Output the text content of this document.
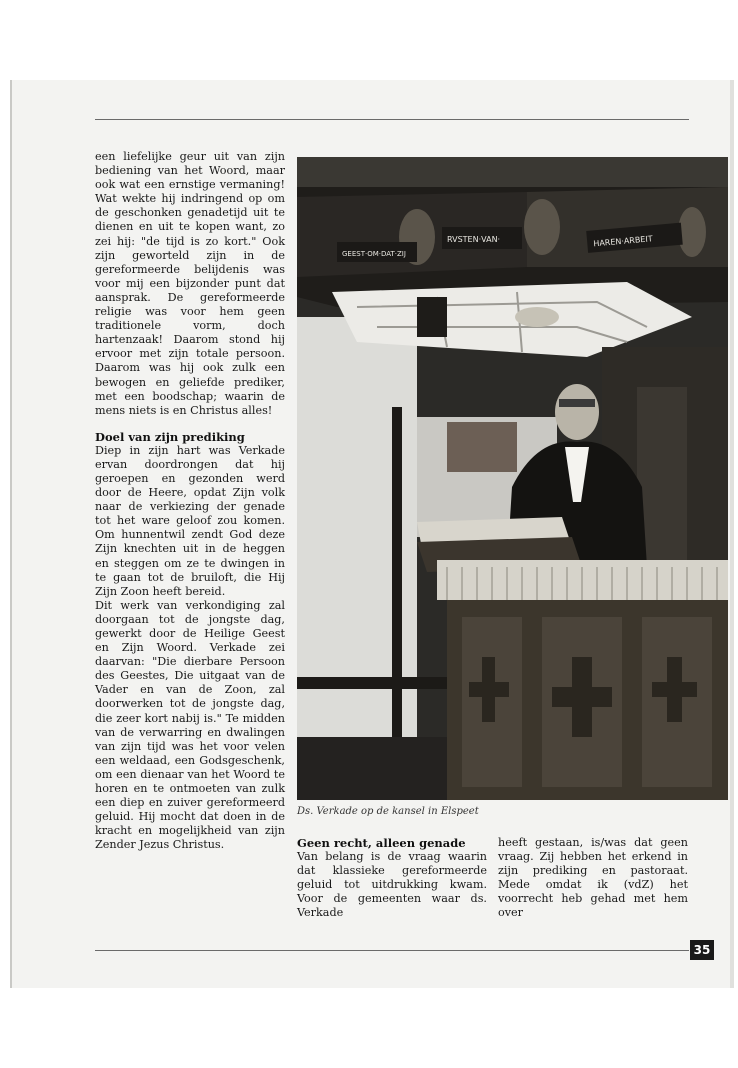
een liefelijke geur uit van zijn bediening van het Woord, maar ook wat een ernstige vermaning! Wat wekte hij indringend op om de geschonken genadetijd uit te dienen en uit te kopen want, zo zei hij: "de tijd is zo kort." Ook zijn geworteld zijn in de gereformeerde belijdenis was voor mij een bijzonder punt dat aansprak. De gereformeerde religie was voor hem geen traditionele vorm, doch hartenzaak! Daarom stond hij ervoor met zijn totale persoon. Daarom was hij ook zulk een bewogen en geliefde prediker, met een boodschap; waarin de mens niets is en Christus alles!

Doel van zijn prediking

Diep in zijn hart was Verkade ervan doordrongen dat hij geroepen en gezonden werd door de Heere, opdat Zijn volk naar de verkiezing der genade tot het ware geloof zou komen. Om hunnentwil zendt God deze Zijn knechten uit in de heggen en steggen om ze te dwingen in te gaan tot de bruiloft, die Hij Zijn Zoon heeft bereid.

Dit werk van verkondiging zal doorgaan tot de jongste dag, gewerkt door de Heilige Geest en Zijn Woord. Verkade zei daarvan: "Die dierbare Persoon des Geestes, Die uitgaat van de Vader en van de Zoon, zal doorwerken tot de jongste dag, die zeer kort nabij is." Te midden van de verwarring en dwalingen van zijn tijd was het voor velen een weldaad, een Godsgeschenk, om een dienaar van het Woord te horen en te ontmoeten van zulk een diep en zuiver gereformeerd geluid. Hij mocht dat doen in de kracht en mogelijkheid van zijn Zender Jezus Christus.

GEEST·OM·DAT·ZIJ
RVSTEN·VAN·	HAREN·ARBEIT

Ds. Verkade op de kansel in Elspeet

Geen recht, alleen genade

Van belang is de vraag waarin dat klassieke gereformeerde geluid tot uitdrukking kwam. Voor de gemeenten waar ds. Verkade

heeft gestaan, is/was dat geen vraag. Zij hebben het erkend in zijn prediking en pastoraat. Mede omdat ik (vdZ) het voorrecht heb gehad met hem over

35
